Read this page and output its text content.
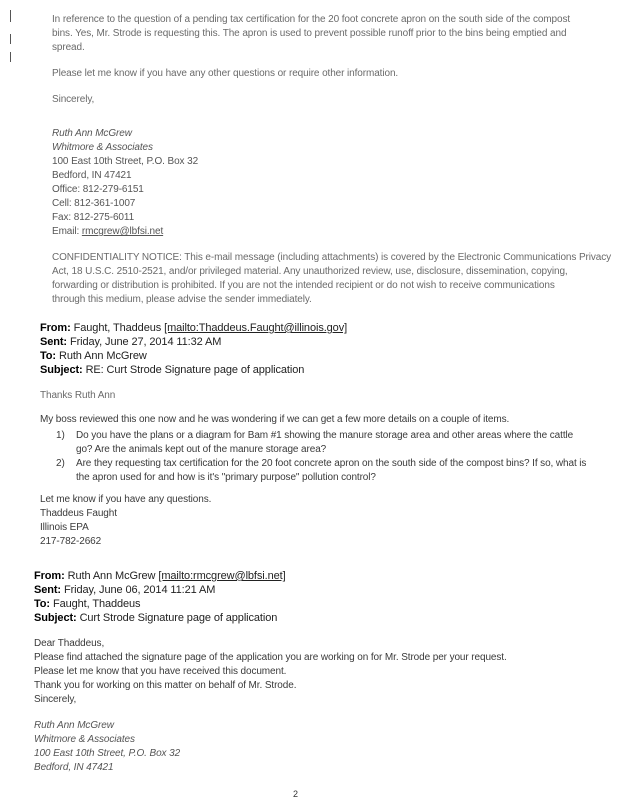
In reference to the question of a pending tax certification for the 20 foot concrete apron on the south side of the compost
bins. Yes, Mr. Strode is requesting this. The apron is used to prevent possible runoff prior to the bins being emptied and
spread.
Please let me know if you have any other questions or require other information.
Sincerely,
Ruth Ann McGrew
Whitmore & Associates
100 East 10th Street, P.O. Box 32
Bedford, IN 47421
Office: 812-279-6151
Cell: 812-361-1007
Fax: 812-275-6011
Email: rmcgrew@lbfsi.net
CONFIDENTIALITY NOTICE: This e-mail message (including attachments) is covered by the Electronic Communications Privacy
Act, 18 U.S.C. 2510-2521, and/or privileged material. Any unauthorized review, use, disclosure, dissemination, copying,
forwarding or distribution is prohibited. If you are not the intended recipient or do not wish to receive communications
through this medium, please advise the sender immediately.
From: Faught, Thaddeus [mailto:Thaddeus.Faught@illinois.gov]
Sent: Friday, June 27, 2014 11:32 AM
To: Ruth Ann McGrew
Subject: RE: Curt Strode Signature page of application
Thanks Ruth Ann
My boss reviewed this one now and he was wondering if we can get a few more details on a couple of items.
1) Do you have the plans or a diagram for Bam #1 showing the manure storage area and other areas where the cattle
go? Are the animals kept out of the manure storage area?
2) Are they requesting tax certification for the 20 foot concrete apron on the south side of the compost bins? If so, what is
the apron used for and how is it's "primary purpose" pollution control?
Let me know if you have any questions.
Thaddeus Faught
Illinois EPA
217-782-2662
From: Ruth Ann McGrew [mailto:rmcgrew@lbfsi.net]
Sent: Friday, June 06, 2014 11:21 AM
To: Faught, Thaddeus
Subject: Curt Strode Signature page of application
Dear Thaddeus,
Please find attached the signature page of the application you are working on for Mr. Strode per your request.
Please let me know that you have received this document.
Thank you for working on this matter on behalf of Mr. Strode.
Sincerely,
Ruth Ann McGrew
Whitmore & Associates
100 East 10th Street, P.O. Box 32
Bedford, IN 47421
2
